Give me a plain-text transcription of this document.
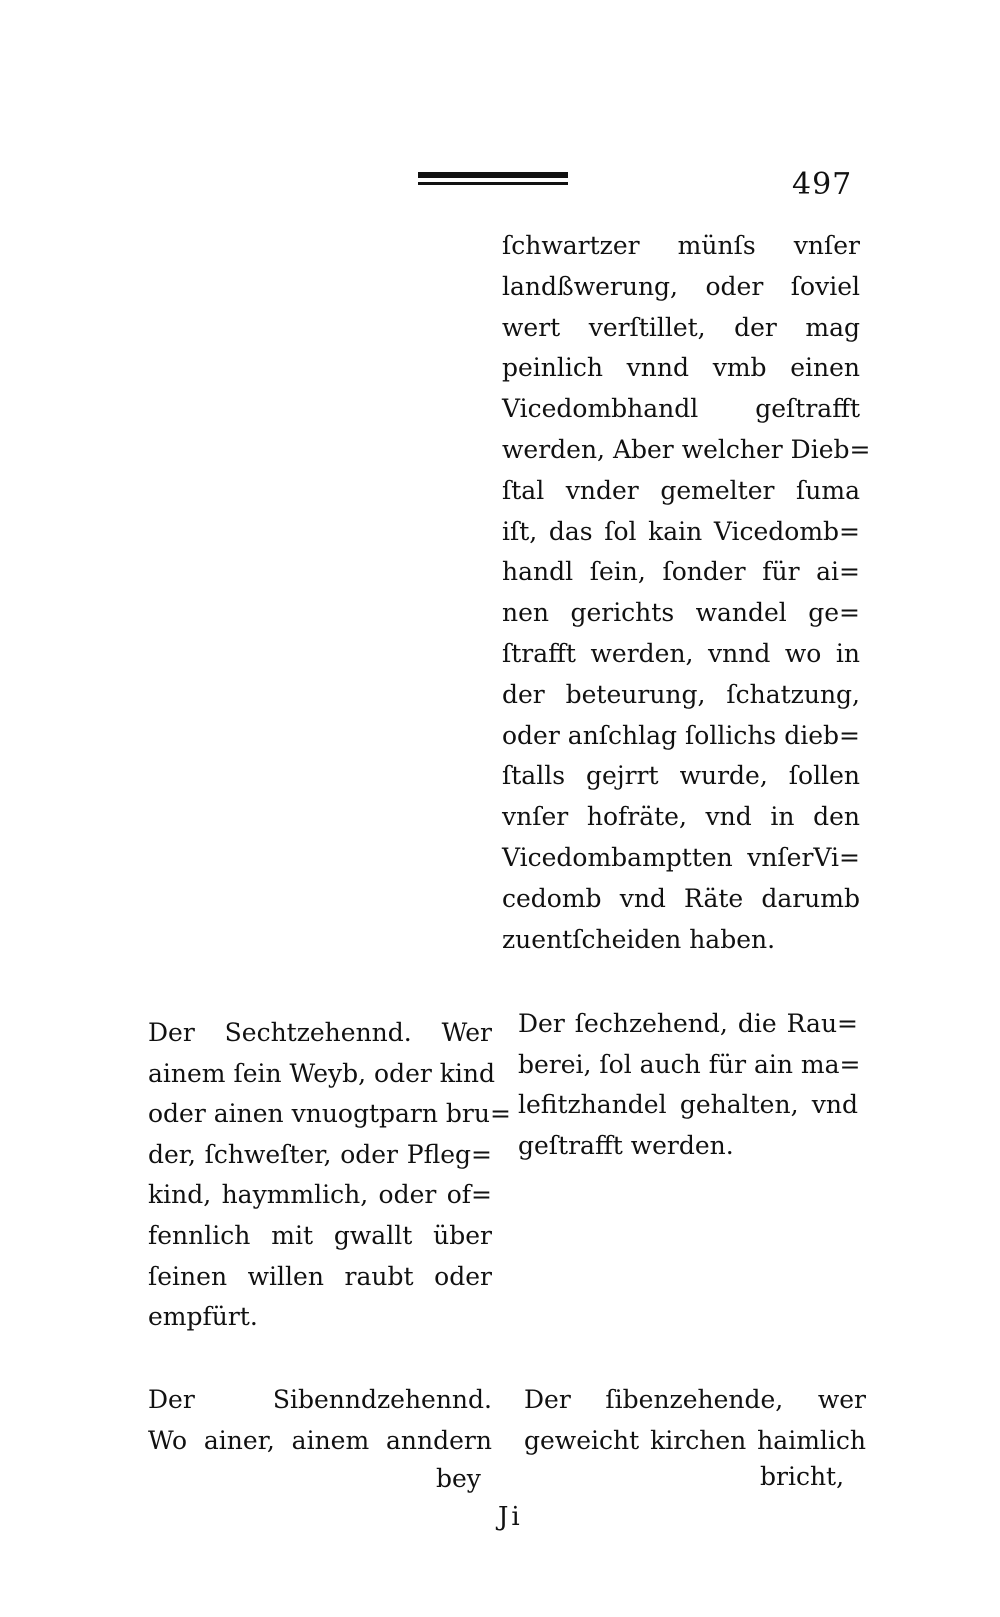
497
ſchwartzer münſs vnſer
landßwerung, oder ſoviel
wert verſtillet, der mag
peinlich vnnd vmb einen
Vicedombhandl geſtrafft
werden, Aber welcher Dieb=
ſtal vnder gemelter ſuma
iſt, das ſol kain Vicedomb=
handl ſein, ſonder für ai=
nen gerichts wandel ge=
ſtrafft werden, vnnd wo in
der beteurung, ſchatzung,
oder anſchlag ſollichs dieb=
ſtalls gejrrt wurde, ſollen
vnſer hofräte, vnd in den
Vicedombamptten vnſerVi=
cedomb vnd Räte darumb
zuentſcheiden haben.
Der Sechtzehennd. Wer
ainem ſein Weyb, oder kind
oder ainen vnuogtparn bru=
der, ſchweſter, oder Pfleg=
kind, haymmlich, oder of=
fennlich mit gwallt über
ſeinen willen raubt oder
empfürt.
Der ſechzehend, die Rau=
berei, ſol auch für ain ma=
lefitzhandel gehalten, vnd
geſtrafft werden.
Der Sibenndzehennd.
Wo ainer, ainem anndern
Der ſibenzehende, wer
geweicht kirchen haimlich
bey	bricht,
Ji
